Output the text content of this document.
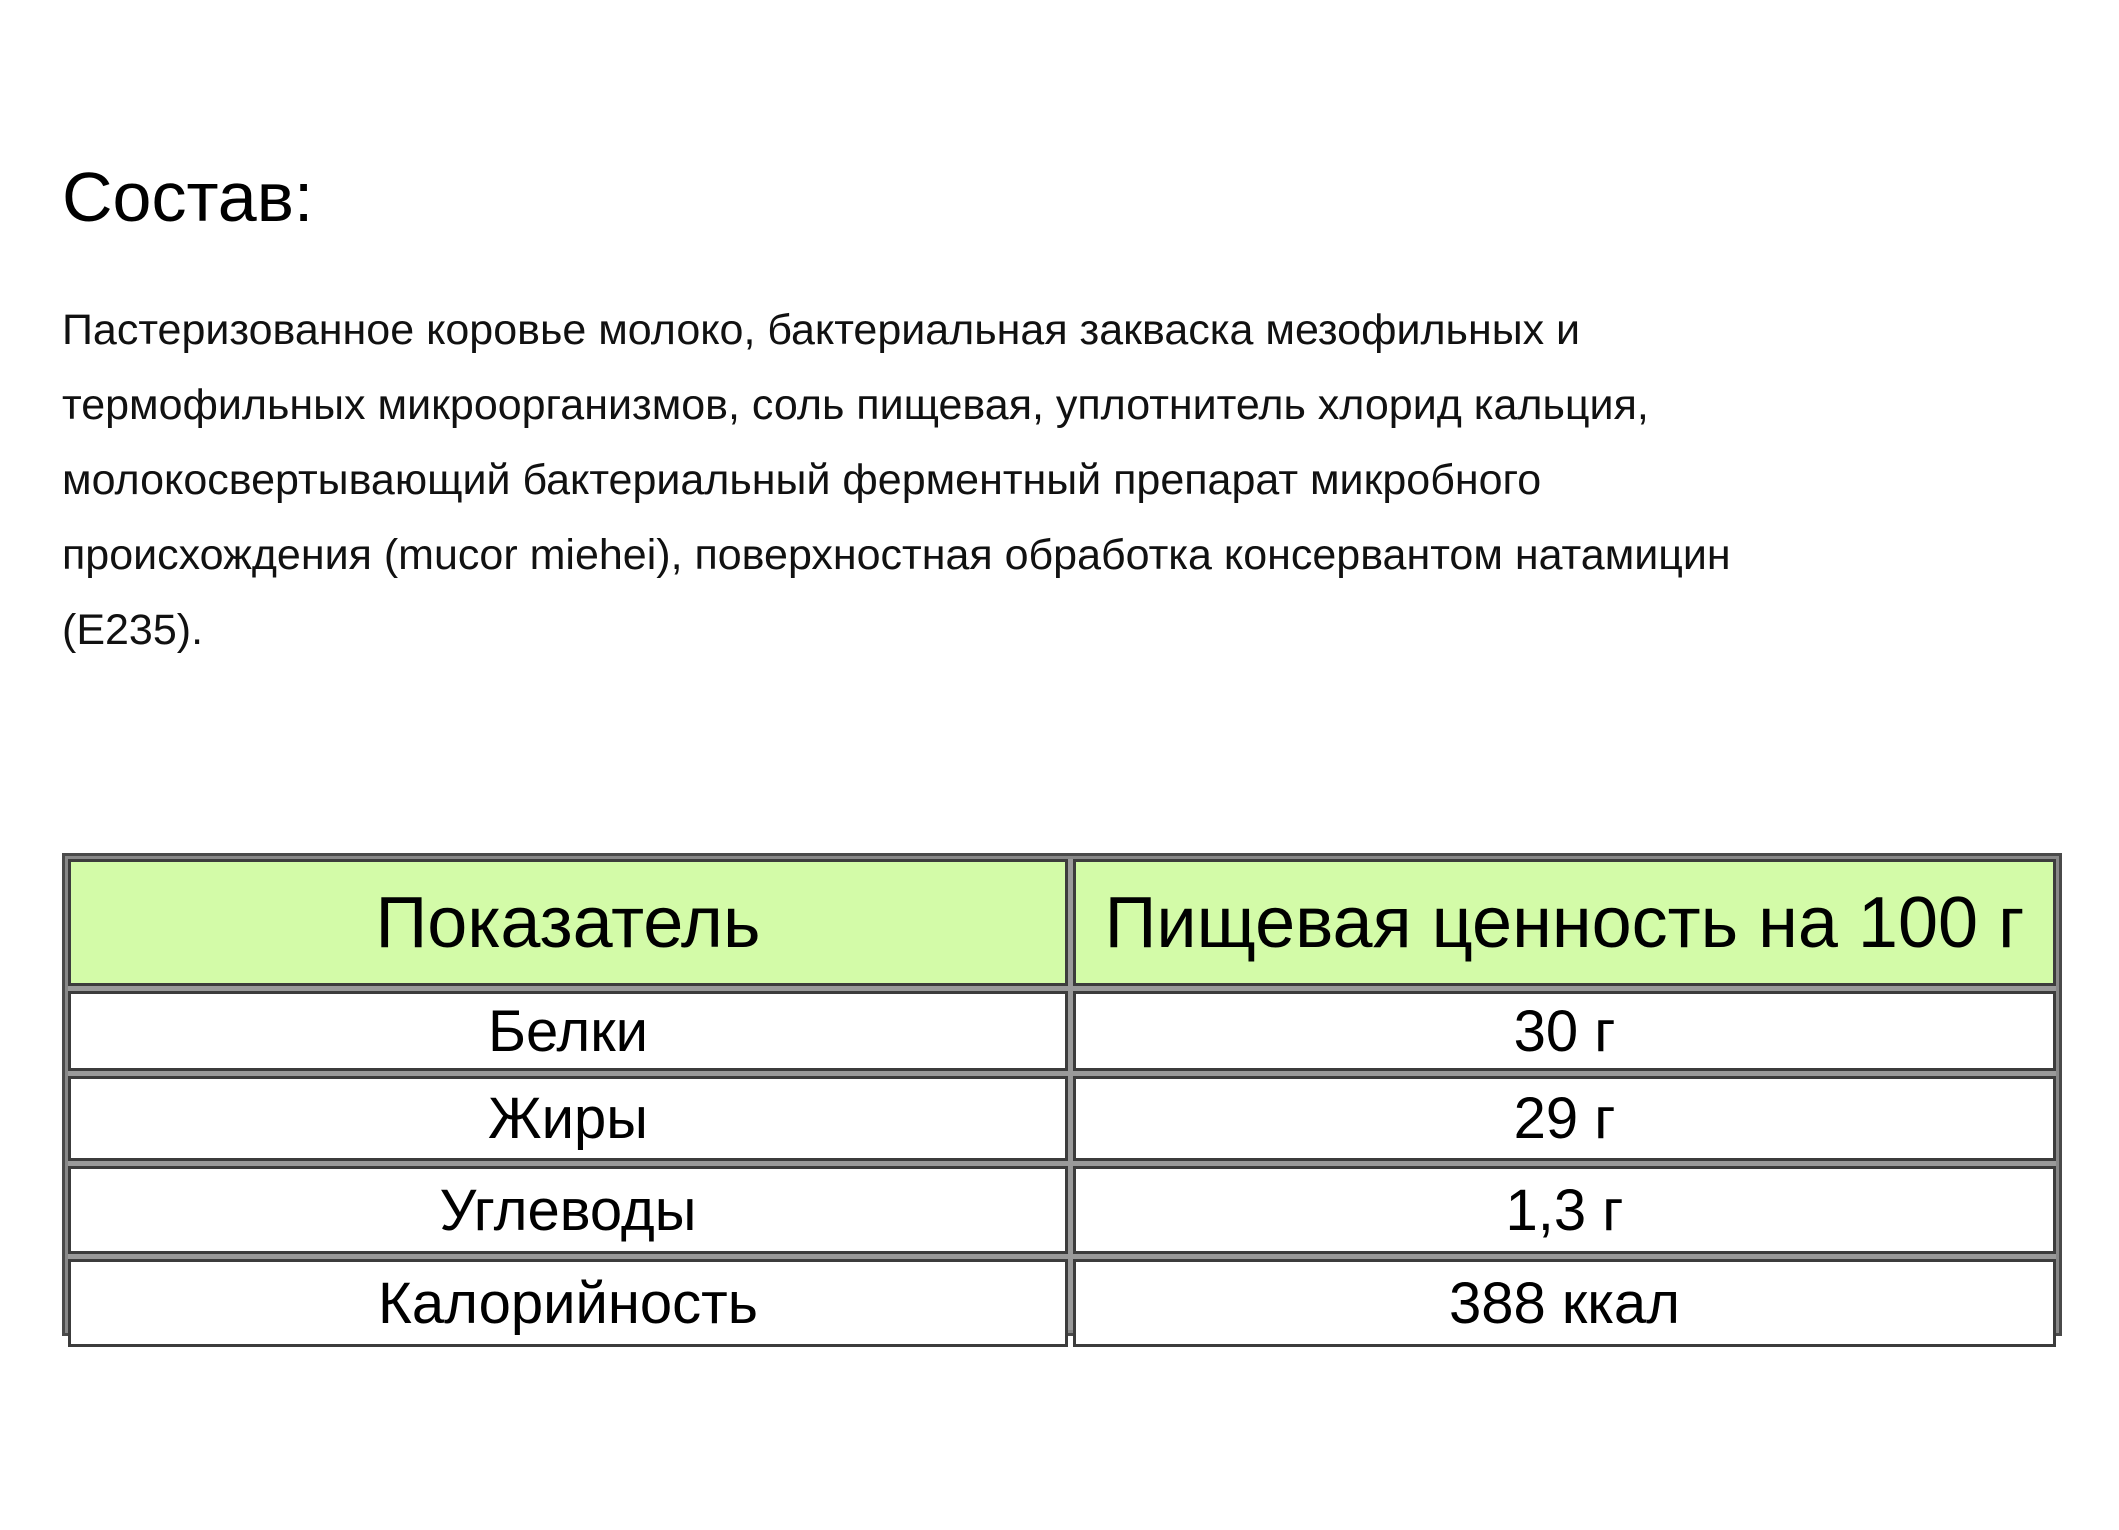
Состав:

Пастеризованное коровье молоко, бактериальная закваска мезофильных и
термофильных микроорганизмов, соль пищевая, уплотнитель хлорид кальция,
молокосвертывающий бактериальный ферментный препарат микробного
происхождения (mucor miehei), поверхностная обработка консервантом натамицин
(Е235).

Показатель	Пищевая ценность на 100 г
Белки	30 г
Жиры	29 г
Углеводы	1,3 г
Калорийность	388 ккал
